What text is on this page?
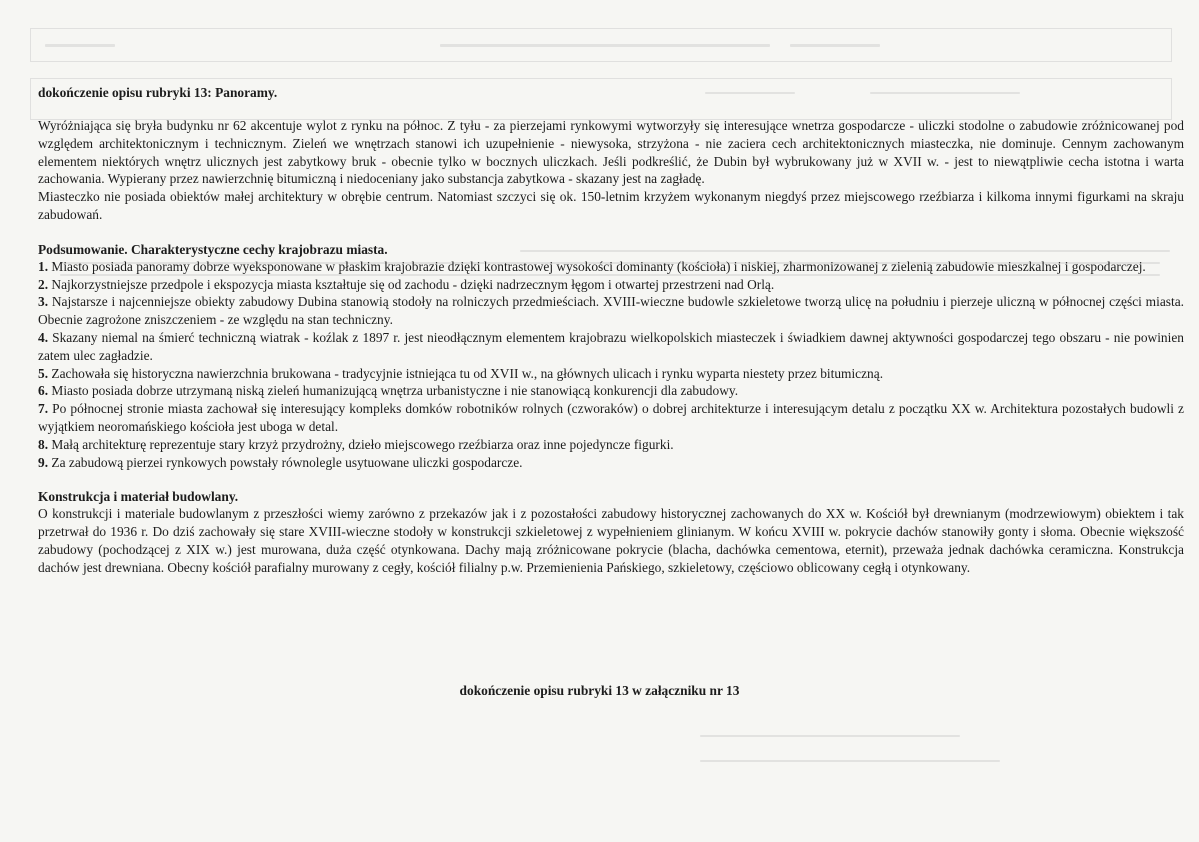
dokończenie opisu rubryki 13: Panoramy.

Wyróżniająca się bryła budynku nr 62 akcentuje wylot z rynku na północ. Z tyłu - za pierzejami rynkowymi wytworzyły się interesujące wnetrza gospodarcze - uliczki stodolne o zabudowie zróżnicowanej pod względem architektonicznym i technicznym. Zieleń we wnętrzach stanowi ich uzupełnienie - niewysoka, strzyżona - nie zaciera cech architektonicznych miasteczka, nie dominuje. Cennym zachowanym elementem niektórych wnętrz ulicznych jest zabytkowy bruk - obecnie tylko w bocznych uliczkach. Jeśli podkreślić, że Dubin był wybrukowany już w XVII w. - jest to niewątpliwie cecha istotna i warta zachowania. Wypierany przez nawierzchnię bitumiczną i niedoceniany jako substancja zabytkowa - skazany jest na zagładę.

Miasteczko nie posiada obiektów małej architektury w obrębie centrum. Natomiast szczyci się ok. 150-letnim krzyżem wykonanym niegdyś przez miejscowego rzeźbiarza i kilkoma innymi figurkami na skraju zabudowań.

Podsumowanie. Charakterystyczne cechy krajobrazu miasta.
1. Miasto posiada panoramy dobrze wyeksponowane w płaskim krajobrazie dzięki kontrastowej wysokości dominanty (kościoła) i niskiej, zharmonizowanej z zielenią zabudowie mieszkalnej i gospodarczej.
2. Najkorzystniejsze przedpole i ekspozycja miasta kształtuje się od zachodu - dzięki nadrzecznym łęgom i otwartej przestrzeni nad Orlą.
3. Najstarsze i najcenniejsze obiekty zabudowy Dubina stanowią stodoły na rolniczych przedmieściach. XVIII-wieczne budowle szkieletowe tworzą ulicę na południu i pierzeje uliczną w północnej części miasta. Obecnie zagrożone zniszczeniem - ze względu na stan techniczny.
4. Skazany niemal na śmierć techniczną wiatrak - koźlak z 1897 r. jest nieodłącznym elementem krajobrazu wielkopolskich miasteczek i świadkiem dawnej aktywności gospodarczej tego obszaru - nie powinien zatem ulec zagładzie.
5. Zachowała się historyczna nawierzchnia brukowana - tradycyjnie istniejąca tu od XVII w., na głównych ulicach i rynku wyparta niestety przez bitumiczną.
6. Miasto posiada dobrze utrzymaną niską zieleń humanizującą wnętrza urbanistyczne i nie stanowiącą konkurencji dla zabudowy.
7. Po północnej stronie miasta zachował się interesujący kompleks domków robotników rolnych (czworaków) o dobrej architekturze i interesującym detalu z początku XX w. Architektura pozostałych budowli z wyjątkiem neoromańskiego kościoła jest uboga w detal.
8. Małą architekturę reprezentuje stary krzyż przydrożny, dzieło miejscowego rzeźbiarza oraz inne pojedyncze figurki.
9. Za zabudową pierzei rynkowych powstały równolegle usytuowane uliczki gospodarcze.
Konstrukcja i materiał budowlany.

O konstrukcji i materiale budowlanym z przeszłości wiemy zarówno z przekazów jak i z pozostałości zabudowy historycznej zachowanych do XX w. Kościół był drewnianym (modrzewiowym) obiektem i tak przetrwał do 1936 r. Do dziś zachowały się stare XVIII-wieczne stodoły w konstrukcji szkieletowej z wypełnieniem glinianym. W końcu XVIII w. pokrycie dachów stanowiły gonty i słoma. Obecnie większość zabudowy (pochodzącej z XIX w.) jest murowana, duża część otynkowana. Dachy mają zróżnicowane pokrycie (blacha, dachówka cementowa, eternit), przeważa jednak dachówka ceramiczna. Konstrukcja dachów jest drewniana. Obecny kościół parafialny murowany z cegły, kościół filialny p.w. Przemienienia Pańskiego, szkieletowy, częściowo oblicowany cegłą i otynkowany.

dokończenie opisu rubryki 13 w załączniku nr 13
